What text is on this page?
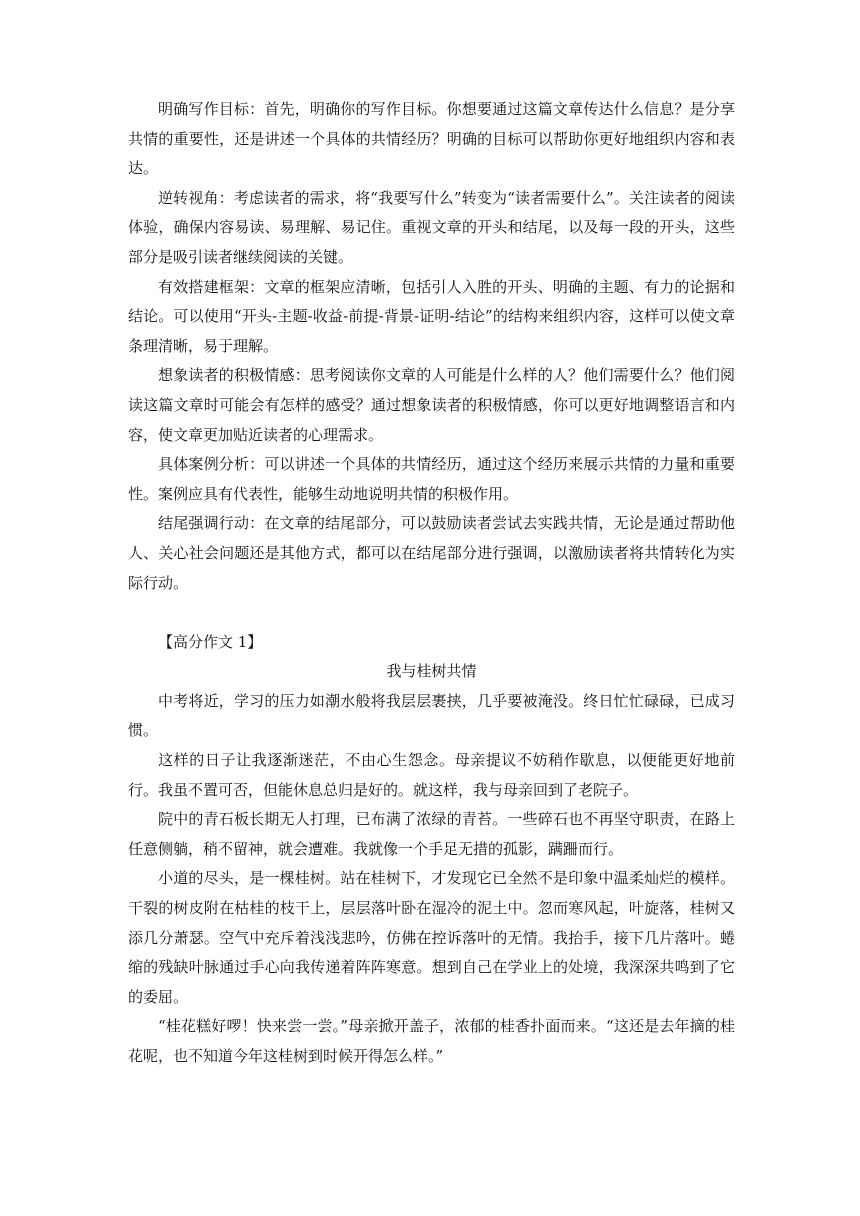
明确写作目标：首先，明确你的写作目标。你想要通过这篇文章传达什么信息？是分享共情的重要性，还是讲述一个具体的共情经历？明确的目标可以帮助你更好地组织内容和表达。

逆转视角：考虑读者的需求，将“我要写什么”转变为“读者需要什么”。关注读者的阅读体验，确保内容易读、易理解、易记住。重视文章的开头和结尾，以及每一段的开头，这些部分是吸引读者继续阅读的关键。

有效搭建框架：文章的框架应清晰，包括引人入胜的开头、明确的主题、有力的论据和结论。可以使用“开头-主题-收益-前提-背景-证明-结论”的结构来组织内容，这样可以使文章条理清晰，易于理解。

想象读者的积极情感：思考阅读你文章的人可能是什么样的人？他们需要什么？他们阅读这篇文章时可能会有怎样的感受？通过想象读者的积极情感，你可以更好地调整语言和内容，使文章更加贴近读者的心理需求。

具体案例分析：可以讲述一个具体的共情经历，通过这个经历来展示共情的力量和重要性。案例应具有代表性，能够生动地说明共情的积极作用。

结尾强调行动：在文章的结尾部分，可以鼓励读者尝试去实践共情，无论是通过帮助他人、关心社会问题还是其他方式，都可以在结尾部分进行强调，以激励读者将共情转化为实际行动。

【高分作文 1】

我与桂树共情

中考将近，学习的压力如潮水般将我层层裹挟，几乎要被淹没。终日忙忙碌碌，已成习惯。

这样的日子让我逐渐迷茫，不由心生怨念。母亲提议不妨稍作歇息，以便能更好地前行。我虽不置可否，但能休息总归是好的。就这样，我与母亲回到了老院子。

院中的青石板长期无人打理，已布满了浓绿的青苔。一些碎石也不再坚守职责，在路上任意侧躺，稍不留神，就会遭难。我就像一个手足无措的孤影，蹒跚而行。

小道的尽头，是一棵桂树。站在桂树下，才发现它已全然不是印象中温柔灿烂的模样。干裂的树皮附在枯桂的枝干上，层层落叶卧在湿冷的泥土中。忽而寒风起，叶旋落，桂树又添几分萧瑟。空气中充斥着浅浅悲吟，仿佛在控诉落叶的无情。我抬手，接下几片落叶。蜷缩的残缺叶脉通过手心向我传递着阵阵寒意。想到自己在学业上的处境，我深深共鸣到了它的委屈。

“桂花糕好啰！快来尝一尝。”母亲掀开盖子，浓郁的桂香扑面而来。“这还是去年摘的桂花呢，也不知道今年这桂树到时候开得怎么样。”
